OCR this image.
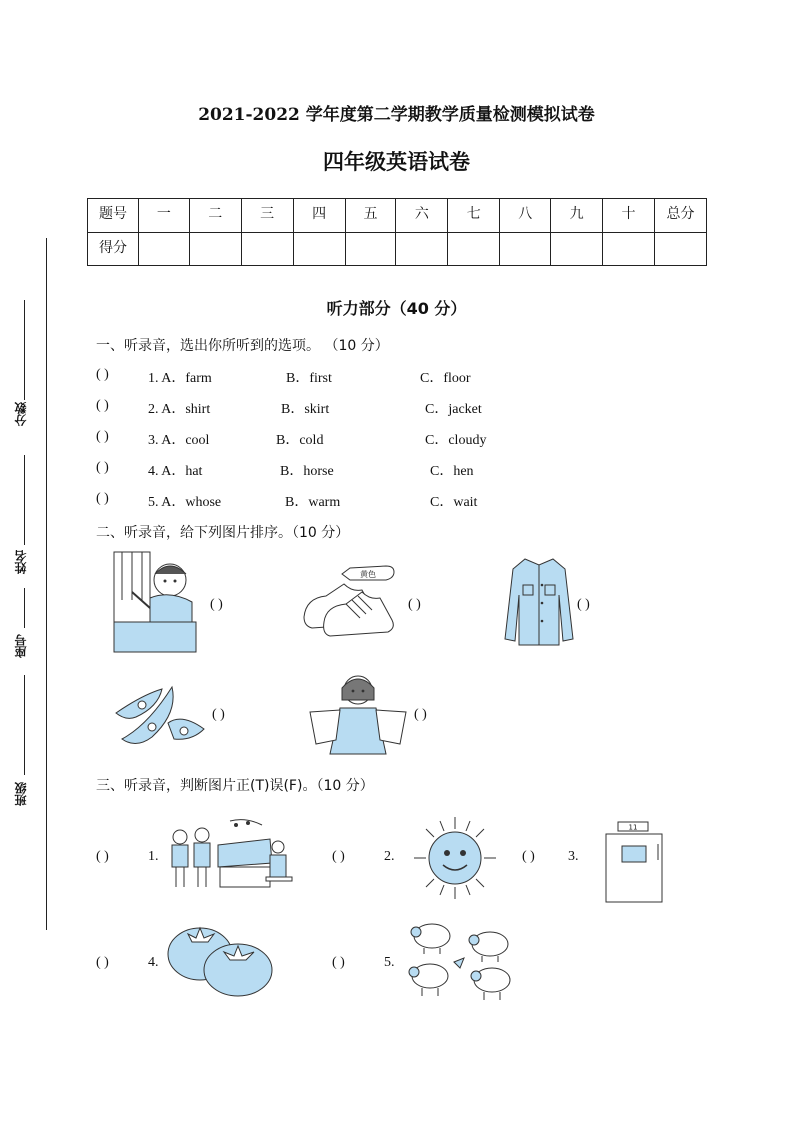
分数
姓名
座号
班级
2021-2022 学年度第二学期教学质量检测模拟试卷
四年级英语试卷
题号	一	二	三	四	五	六	七	八	九	十	总分
得分											
听力部分（40 分）
一、听录音，选出你所听到的选项。 （10 分）
( )	1. A．farm	B．first	C．floor
( )	2. A．shirt	B．skirt	C．jacket
( )	3. A．cool	B．cold	C．cloudy
( )	4. A．hat	B．horse	C．hen
( )	5. A．whose	B．warm	C．wait
二、听录音，给下列图片排序。（10 分）
( )
黄色
( )	( )
( )	( )
三、听录音，判断图片正(T)误(F)。（10 分）
( )	1.	( )	2.	( ) 3.
11
( )	4.	( )	5.
